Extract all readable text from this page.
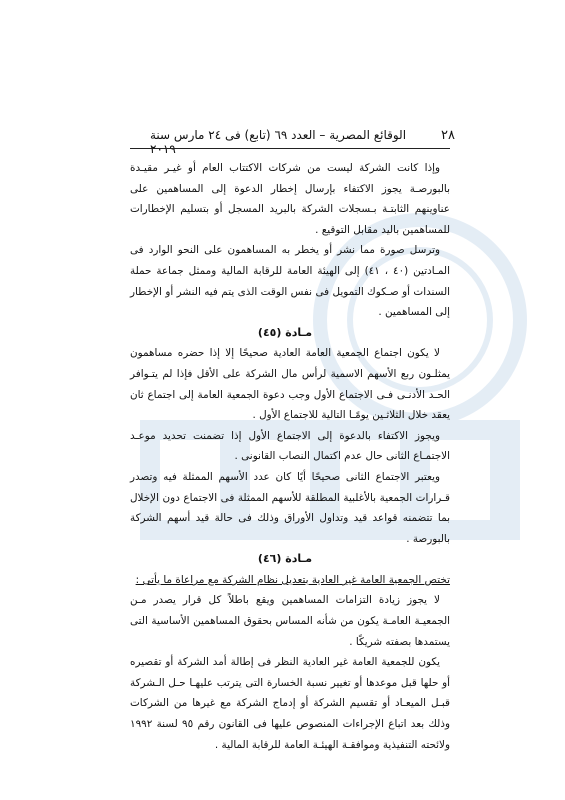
٢٨
الوقائع المصرية – العدد ٦٩ (تابع) فى ٢٤ مارس سنة ٢٠١٩

وإذا كانت الشركة ليست من شركات الاكتتاب العام أو غيـر مقيـدة بالبورصـة يجوز الاكتفاء بإرسال إخطار الدعوة إلى المساهمين على عناوينهم الثابتـة بـسجلات الشركة بالبريد المسجل أو بتسليم الإخطارات للمساهمين باليد مقابل التوقيع .

وترسل صورة مما نشر أو يخطر به المساهمون على النحو الوارد فى المـادتين (٤٠ ، ٤١) إلى الهيئة العامة للرقابة المالية وممثل جماعة حملة السندات أو صـكوك التمويل فى نفس الوقت الذى يتم فيه النشر أو الإخطار إلى المساهمين .

مـادة (٤٥)

لا يكون اجتماع الجمعية العامة العادية صحيحًا إلا إذا حضره مساهمون يمثلـون ربع الأسهم الاسمية لرأس مال الشركة على الأقل فإذا لم يتـوافر الحـد الأدنـى فـى الاجتماع الأول وجب دعوة الجمعية العامة إلى اجتماع ثان يعقد خلال الثلاثـين يومًـا التالية للاجتماع الأول .

ويجوز الاكتفاء بالدعوة إلى الاجتماع الأول إذا تضمنت تحديد موعـد الاجتمـاع الثانى حال عدم اكتمال النصاب القانونى .

ويعتبر الاجتماع الثانى صحيحًا أيًا كان عدد الأسهم الممثلة فيه وتصدر قـرارات الجمعية بالأغلبية المطلقة للأسهم الممثلة فى الاجتماع دون الإخلال بما تتضمنه قواعد قيد وتداول الأوراق وذلك فى حالة قيد أسهم الشركة بالبورصة .

مـادة (٤٦)

تختص الجمعية العامة غير العادية بتعديل نظام الشركة مع مراعاة ما يأتى :

لا يجوز زيادة التزامات المساهمين ويقع باطلاً كل قرار يصدر مـن الجمعيـة العامـة يكون من شأنه المساس بحقوق المساهمين الأساسية التى يستمدها بصفته شريكًا .

يكون للجمعية العامة غير العادية النظر فى إطالة أمد الشركة أو تقصيره أو حلها قبل موعدها أو تغيير نسبة الخسارة التى يترتب عليهـا حـل الـشركة قبـل الميعـاد أو تقسيم الشركة أو إدماج الشركة مع غيرها من الشركات وذلك بعد اتباع الإجراءات المنصوص عليها فى القانون رقم ٩٥ لسنة ١٩٩٢ ولائحته التنفيذية وموافقـة الهيئـة العامة للرقابة المالية .
